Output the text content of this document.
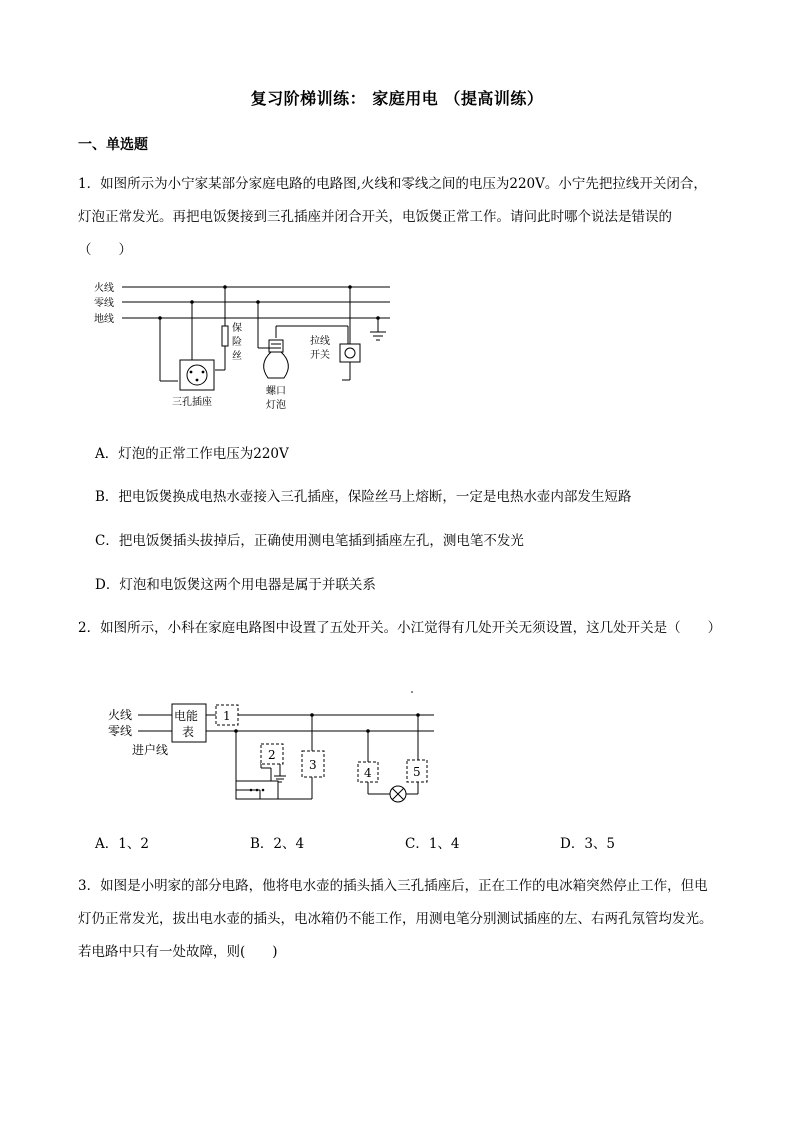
复习阶梯训练： 家庭用电 （提高训练）
一、单选题
1．如图所示为小宁家某部分家庭电路的电路图,火线和零线之间的电压为220V。小宁先把拉线开关闭合，灯泡正常发光。再把电饭煲接到三孔插座并闭合开关，电饭煲正常工作。请问此时哪个说法是错误的（　　）
火线
零线
地线
保
险
丝
三孔插座
螺口
灯泡
拉线
开关
A．灯泡的正常工作电压为220V
B．把电饭煲换成电热水壶接入三孔插座，保险丝马上熔断，一定是电热水壶内部发生短路
C．把电饭煲插头拔掉后，正确使用测电笔插到插座左孔，测电笔不发光
D．灯泡和电饭煲这两个用电器是属于并联关系
2．如图所示，小科在家庭电路图中设置了五处开关。小江觉得有几处开关无须设置，这几处开关是（　　）
火线
零线
电能
表
进户线
1
2
3
4	5
A．1、2	B．2、4	C．1、4	D．3、5
3．如图是小明家的部分电路，他将电水壶的插头插入三孔插座后，正在工作的电冰箱突然停止工作，但电灯仍正常发光，拔出电水壶的插头，电冰箱仍不能工作，用测电笔分别测试插座的左、右两孔氖管均发光。若电路中只有一处故障，则(　　)
